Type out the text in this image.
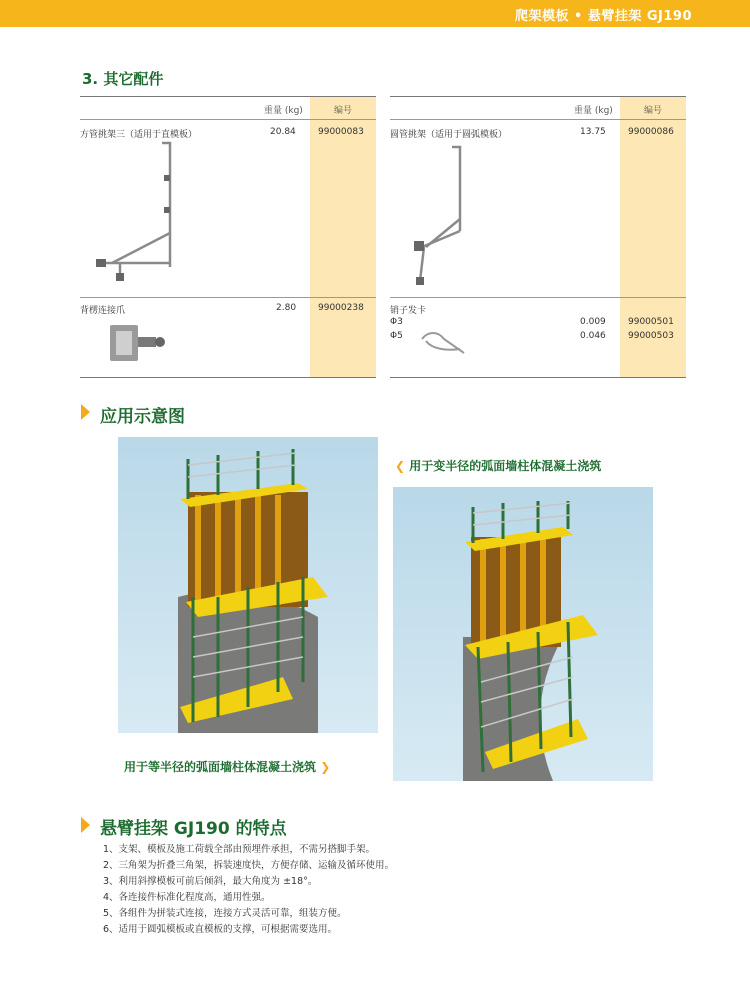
爬架模板 • 悬臂挂架 GJ190
3. 其它配件
重量 (kg)	编号
方管挑架三（适用于直模板）	20.84 99000083
背楞连接爪	2.80 99000238
重量 (kg)	编号
圆管挑架（适用于圆弧模板）	13.75 99000086
销子发卡
Φ3	0.009 99000501
Φ5	0.046 99000503
应用示意图
❮ 用于变半径的弧面墙柱体混凝土浇筑
用于等半径的弧面墙柱体混凝土浇筑 ❯
悬臂挂架 GJ190 的特点
1、支架、模板及施工荷载全部由预埋件承担，不需另搭脚手架。
2、三角架为折叠三角架，拆装速度快，方便存储、运输及循环使用。
3、利用斜撑模板可前后倾斜，最大角度为 ±18°。
4、各连接件标准化程度高，通用性强。
5、各组件为拼装式连接，连接方式灵活可靠，组装方便。
6、适用于圆弧模板或直模板的支撑，可根据需要选用。
